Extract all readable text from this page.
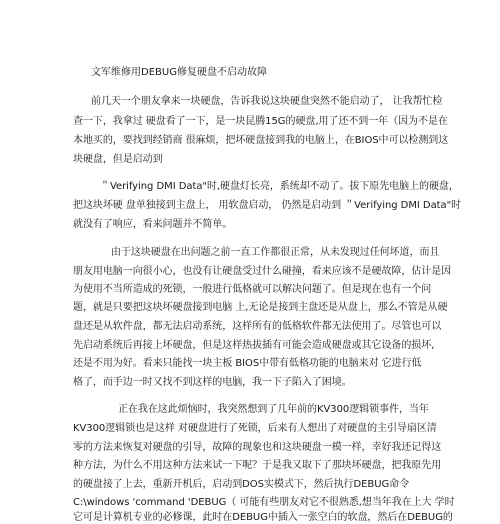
文军维修用DEBUG修复硬盘不启动故障
前几天一个朋友拿来一块硬盘，告诉我说这块硬盘突然不能启动了， 让我帮忙检
查一下，我拿过 硬盘看了一下，是一块昆腾15G的硬盘,用了还不到一年（因为不是在
本地买的，要找到经销商 很麻烦，把坏硬盘接到我的电脑上，在BIOS中可以检测到这
块硬盘，但是启动到
＂Verifying DMI Data"时,硬盘灯长亮，系统却不动了。拔下原先电脑上的硬盘，
把这块坏硬 盘单独接到主盘上， 用软盘启动， 仍然是启动到 ＂Verifying DMI Data"时
就没有了响应，看来问题并不简单。
由于这块硬盘在出问题之前一直工作都很正常，从未发现过任何坏道，而且
朋友用电脑一向很小心，也没有让硬盘受过什么碰撞，看来应该不是硬故障，估计是因
为使用不当所造成的死锁，一般进行低格就可以解决问题了。但是现在也有一个问
题，就是只要把这块坏硬盘接到电脑 上,无论是接到主盘还是从盘上，那么不管是从硬
盘还是从软件盘，都无法启动系统，这样所有的低格软件都无法使用了。尽管也可以
先启动系统后再接上坏硬盘，但是这样热拔插有可能会造成硬盘或其它设备的损坏,
还是不用为好。看来只能找一块主板 BIOS中带有低格功能的电脑来对 它进行低
格了，而手边一时又找不到这样的电脑，我一下子陷入了困境。
正在我在这此烦恼时，我突然想到了几年前的KV300逻辑锁事件，当年
KV300逻辑锁也是这样 对硬盘进行了死锁，后来有人想出了对硬盘的主引导扇区清
零的方法来恢复对硬盘的引导，故障的现象也和这块硬盘一模一样，幸好我还记得这
种方法，为什么不用这种方法来试一下呢？于是我又取下了那块坏硬盘，把我原先用
的硬盘接了上去，重新开机后，启动到DOS实模式下，然后执行DEBUG命令
C:\windows 'command 'DEBUG（ 可能有些朋友对它不很熟悉,想当年我在上大 学时
它可是计算机专业的必修课，此时在DEBUG中插入一张空白的软盘，然后在DEBUG的
